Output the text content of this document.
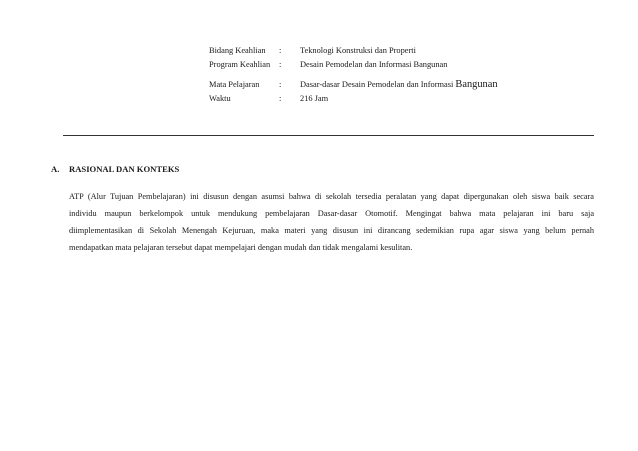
Bidang Keahlian : Teknologi Konstruksi dan Properti
Program Keahlian : Desain Pemodelan dan Informasi Bangunan
Mata Pelajaran : Dasar-dasar Desain Pemodelan dan Informasi Bangunan
Waktu	: 216 Jam
A. RASIONAL DAN KONTEKS
ATP (Alur Tujuan Pembelajaran) ini disusun dengan asumsi bahwa di sekolah tersedia peralatan yang dapat dipergunakan oleh siswa baik secara
individu maupun berkelompok untuk mendukung pembelajaran Dasar-dasar Otomotif. Mengingat bahwa mata pelajaran ini baru saja
diimplementasikan di Sekolah Menengah Kejuruan, maka materi yang disusun ini dirancang sedemikian rupa agar siswa yang belum pernah
mendapatkan mata pelajaran tersebut dapat mempelajari dengan mudah dan tidak mengalami kesulitan.
